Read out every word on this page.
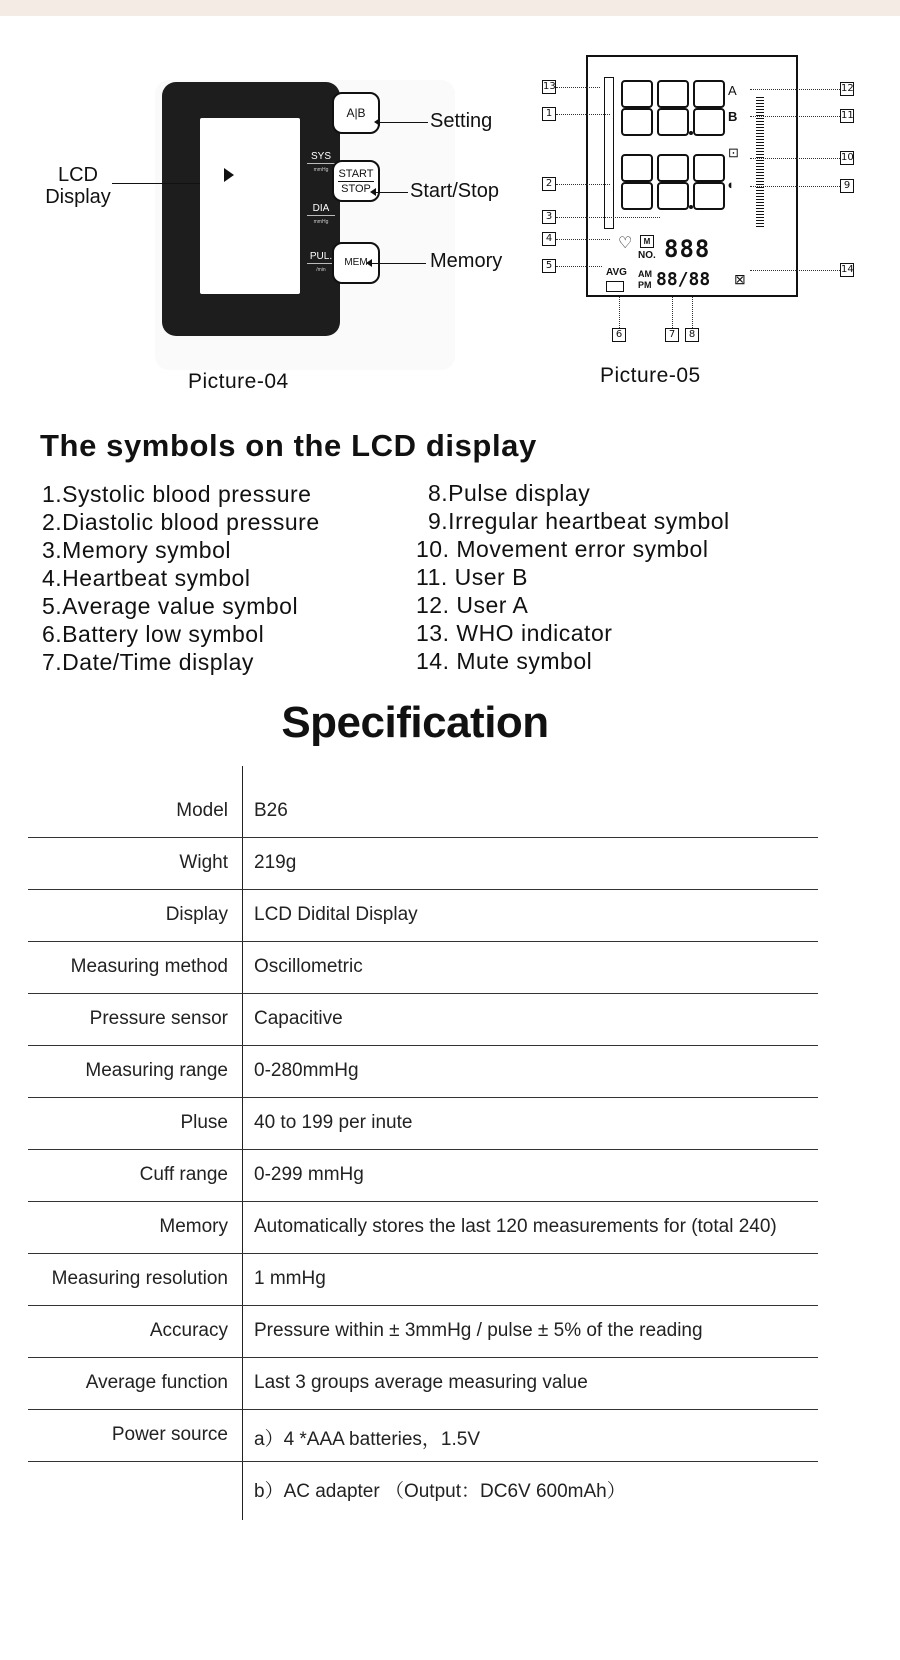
SYS
mmHg
DIA
mmHg
PUL.
/min
LCD
Display
A|B
START
STOP
MEM
Setting
Start/Stop
Memory
Picture-04
♡	M
NO. 888
AVG AM
PM 88/88 ⊠
A
B
⊡
◖
13
1
2
3
4
5
12
11
10
9
14
6	7	8
Picture-05
The symbols on the LCD display
1.Systolic blood pressure
2.Diastolic blood pressure
3.Memory symbol
4.Heartbeat symbol
5.Average value symbol
6.Battery low symbol
7.Date/Time display
8.Pulse display
9.Irregular heartbeat symbol
10. Movement error symbol
11. User B
12. User A
13. WHO indicator
14. Mute symbol
Specification
Model B26
Wight 219g
Display LCD Didital Display
Measuring method Oscillometric
Pressure sensor Capacitive
Measuring range 0-280mmHg
Pluse 40 to 199 per inute
Cuff range 0-299 mmHg
Memory Automatically stores the last 120 measurements for (total 240)
Measuring resolution 1 mmHg
Accuracy Pressure within ± 3mmHg / pulse ± 5% of the reading
Average function Last 3 groups average measuring value
Power source a）4 *AAA batteries，1.5V
b）AC adapter （Output：DC6V 600mAh）
